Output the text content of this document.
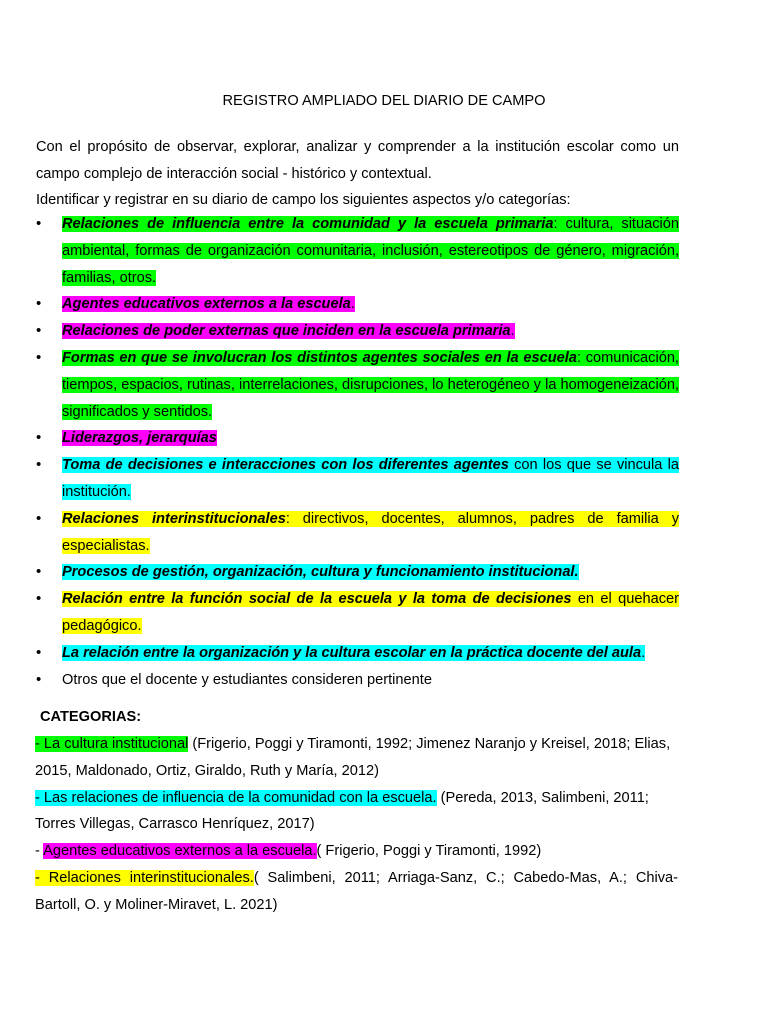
REGISTRO AMPLIADO DEL DIARIO DE CAMPO

Con el propósito de observar, explorar, analizar y comprender a la institución escolar como un campo complejo de interacción social - histórico y contextual.

Identificar y registrar en su diario de campo los siguientes aspectos y/o categorías:

•	Relaciones de influencia entre la comunidad y la escuela primaria: cultura, situación ambiental, formas de organización comunitaria, inclusión, estereotipos de género, migración, familias, otros.
•	Agentes educativos externos a la escuela.
•	Relaciones de poder externas que inciden en la escuela primaria.
•	Formas en que se involucran los distintos agentes sociales en la escuela: comunicación, tiempos, espacios, rutinas, interrelaciones, disrupciones, lo heterogéneo y la homogeneización, significados y sentidos.
•	Liderazgos, jerarquías
•	Toma de decisiones e interacciones con los diferentes agentes con los que se vincula la institución.
•	Relaciones interinstitucionales: directivos, docentes, alumnos, padres de familia y especialistas.
•	Procesos de gestión, organización, cultura y funcionamiento institucional.
•	Relación entre la función social de la escuela y la toma de decisiones en el quehacer pedagógico.
•	La relación entre la organización y la cultura escolar en la práctica docente del aula.
•	Otros que el docente y estudiantes consideren pertinente
CATEGORIAS:

- La cultura institucional (Frigerio, Poggi y Tiramonti, 1992; Jimenez Naranjo y Kreisel, 2018; Elias, 2015, Maldonado, Ortiz, Giraldo, Ruth y María, 2012)

- Las relaciones de influencia de la comunidad con la escuela. (Pereda, 2013, Salimbeni, 2011; Torres Villegas, Carrasco Henríquez, 2017)

- Agentes educativos externos a la escuela.( Frigerio, Poggi y Tiramonti, 1992)

- Relaciones interinstitucionales.( Salimbeni, 2011; Arriaga-Sanz, C.; Cabedo-Mas, A.; Chiva-Bartoll, O. y Moliner-Miravet, L. 2021)
